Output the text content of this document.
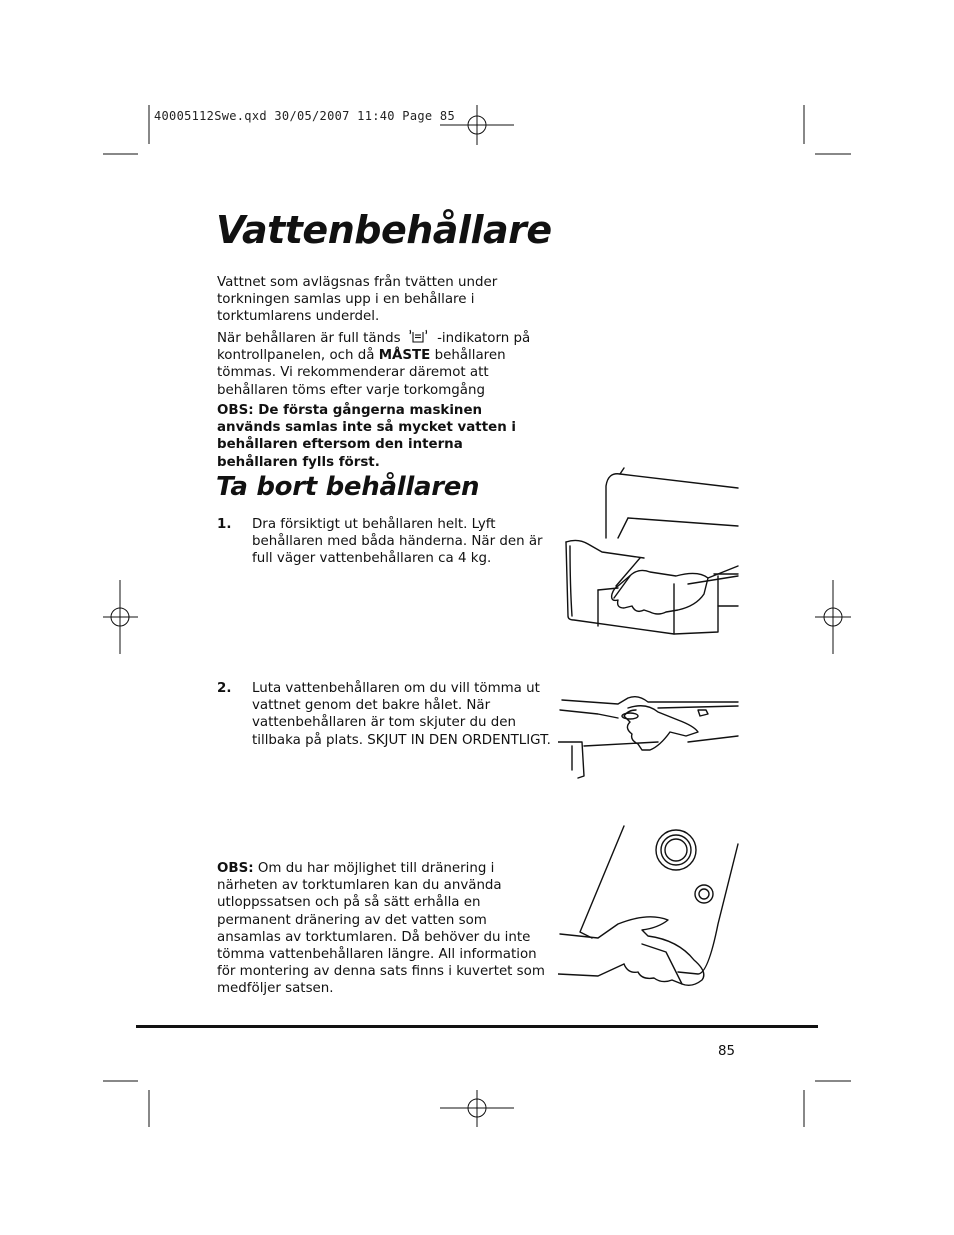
40005112Swe.qxd 30/05/2007 11:40 Page 85
Vattenbehållare
Vattnet som avlägsnas från tvätten under torkningen samlas upp i en behållare i torktumlarens underdel.
När behållaren är full tänds	-indikatorn på kontrollpanelen, och då MÅSTE behållaren tömmas. Vi rekommenderar däremot att behållaren töms efter varje torkomgång
OBS: De första gångerna maskinen används samlas inte så mycket vatten i behållaren eftersom den interna behållaren fylls först.
Ta bort behållaren
1. Dra försiktigt ut behållaren helt. Lyft behållaren med båda händerna. När den är full väger vattenbehållaren ca 4 kg.
2. Luta vattenbehållaren om du vill tömma ut vattnet genom det bakre hålet. När vattenbehållaren är tom skjuter du den tillbaka på plats. SKJUT IN DEN ORDENTLIGT.
OBS: Om du har möjlighet till dränering i närheten av torktumlaren kan du använda utloppssatsen och på så sätt erhålla en permanent dränering av det vatten som ansamlas av torktumlaren. Då behöver du inte tömma vattenbehållaren längre. All information för montering av denna sats finns i kuvertet som medföljer satsen.
85
